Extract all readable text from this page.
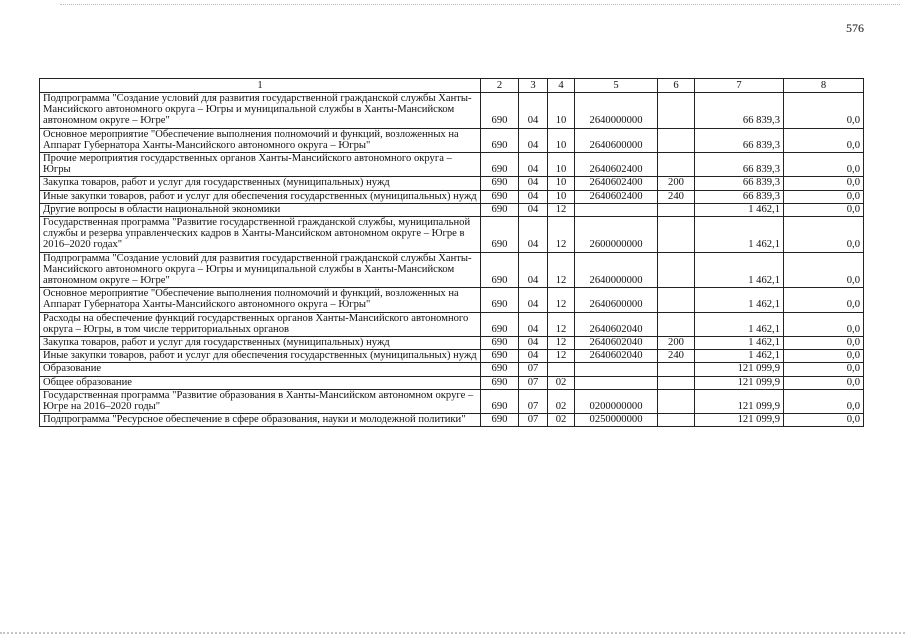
576
1	2	3	4	5	6	7	8
Подпрограмма "Создание условий для развития государственной гражданской службы Ханты-Мансийского автономного округа – Югры и муниципальной службы в Ханты-Мансийском автономном округе – Югре"	690	04	10	2640000000		66 839,3	0,0
Основное мероприятие "Обеспечение выполнения полномочий и функций, возложенных на Аппарат Губернатора Ханты-Мансийского автономного округа – Югры"	690	04	10	2640600000		66 839,3	0,0
Прочие мероприятия государственных органов Ханты-Мансийского автономного округа – Югры	690	04	10	2640602400		66 839,3	0,0
Закупка товаров, работ и услуг для государственных (муниципальных) нужд	690	04	10	2640602400	200	66 839,3	0,0
Иные закупки товаров, работ и услуг для обеспечения государственных (муниципальных) нужд	690	04	10	2640602400	240	66 839,3	0,0
Другие вопросы в области национальной экономики	690	04	12			1 462,1	0,0
Государственная программа "Развитие государственной гражданской службы, муниципальной службы и резерва управленческих кадров в Ханты-Мансийском автономном округе – Югре в 2016–2020 годах"	690	04	12	2600000000		1 462,1	0,0
Подпрограмма "Создание условий для развития государственной гражданской службы Ханты-Мансийского автономного округа – Югры и муниципальной службы в Ханты-Мансийском автономном округе – Югре"	690	04	12	2640000000		1 462,1	0,0
Основное мероприятие "Обеспечение выполнения полномочий и функций, возложенных на Аппарат Губернатора Ханты-Мансийского автономного округа – Югры"	690	04	12	2640600000		1 462,1	0,0
Расходы на обеспечение функций государственных органов Ханты-Мансийского автономного округа – Югры, в том числе территориальных органов	690	04	12	2640602040		1 462,1	0,0
Закупка товаров, работ и услуг для государственных (муниципальных) нужд	690	04	12	2640602040	200	1 462,1	0,0
Иные закупки товаров, работ и услуг для обеспечения государственных (муниципальных) нужд	690	04	12	2640602040	240	1 462,1	0,0
Образование	690	07				121 099,9	0,0
Общее образование	690	07	02			121 099,9	0,0
Государственная программа "Развитие образования в Ханты-Мансийском автономном округе – Югре на 2016–2020 годы"	690	07	02	0200000000		121 099,9	0,0
Подпрограмма "Ресурсное обеспечение в сфере образования, науки и молодежной политики"	690	07	02	0250000000		121 099,9	0,0
